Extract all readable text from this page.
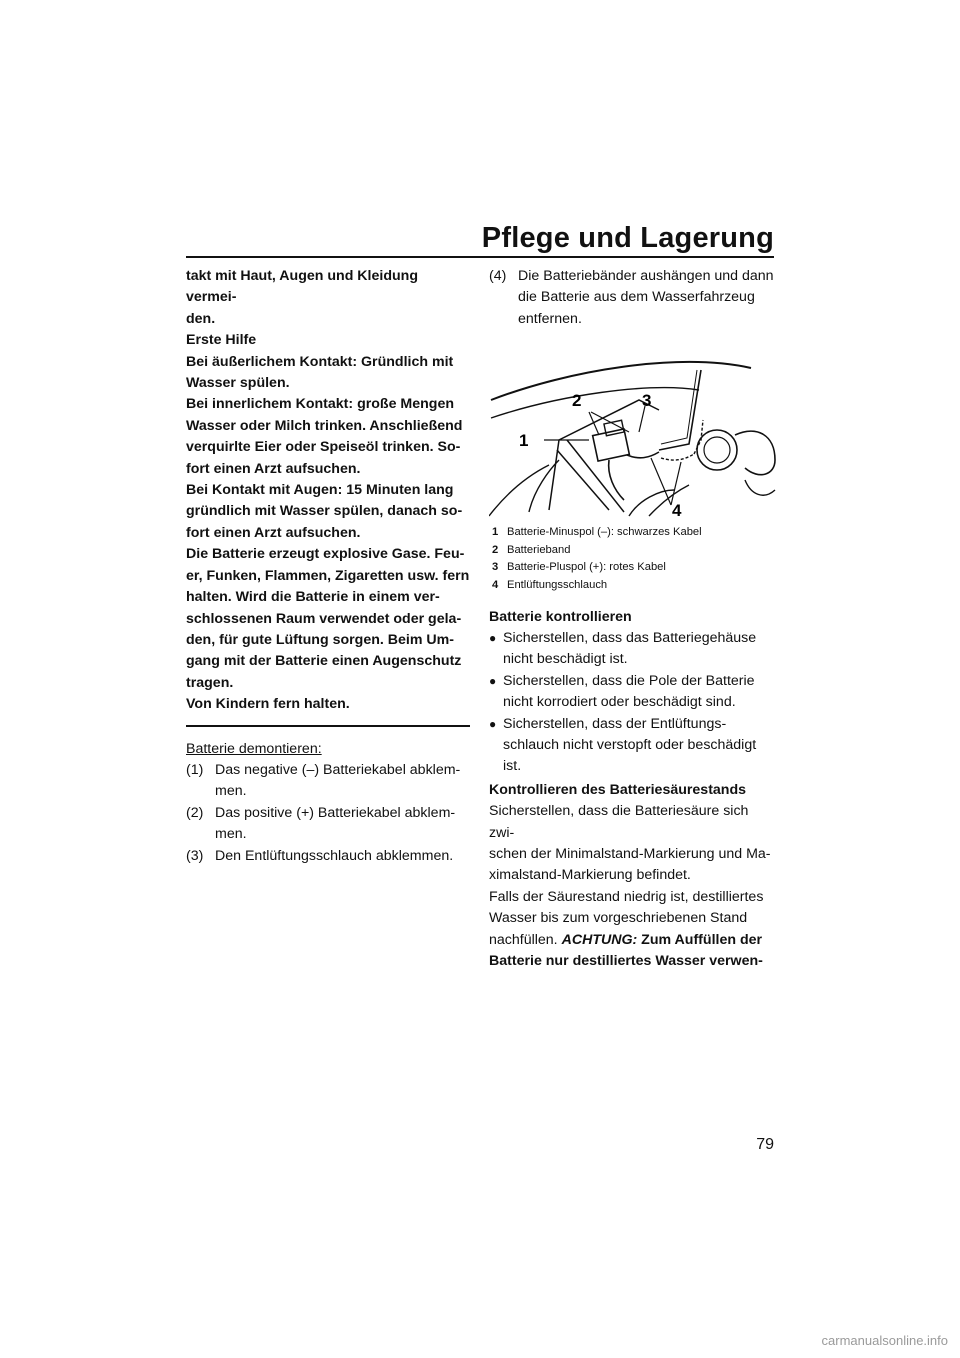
Pflege und Lagerung

takt mit Haut, Augen und Kleidung vermei-

den.

Erste Hilfe

Bei äußerlichem Kontakt: Gründlich mit

Wasser spülen.

Bei innerlichem Kontakt: große Mengen

Wasser oder Milch trinken. Anschließend

verquirlte Eier oder Speiseöl trinken. So-

fort einen Arzt aufsuchen.

Bei Kontakt mit Augen: 15 Minuten lang

gründlich mit Wasser spülen, danach so-

fort einen Arzt aufsuchen.

Die Batterie erzeugt explosive Gase. Feu-

er, Funken, Flammen, Zigaretten usw. fern

halten. Wird die Batterie in einem ver-

schlossenen Raum verwendet oder gela-

den, für gute Lüftung sorgen. Beim Um-

gang mit der Batterie einen Augenschutz

tragen.

Von Kindern fern halten.

Batterie demontieren:

(1) Das negative (–) Batteriekabel abklem-
men.
(2) Das positive (+) Batteriekabel abklem-
men.
(3) Den Entlüftungsschlauch abklemmen.
(4) Die Batteriebänder aushängen und dann
die Batterie aus dem Wasserfahrzeug
entfernen.
1
2	3
4
1 Batterie-Minuspol (–): schwarzes Kabel
2 Batterieband
3 Batterie-Pluspol (+): rotes Kabel
4 Entlüftungsschlauch

Batterie kontrollieren

● Sicherstellen, dass das Batteriegehäuse
nicht beschädigt ist.
● Sicherstellen, dass die Pole der Batterie
nicht korrodiert oder beschädigt sind.
● Sicherstellen, dass der Entlüftungs-
schlauch nicht verstopft oder beschädigt
ist.

Kontrollieren des Batteriesäurestands

Sicherstellen, dass die Batteriesäure sich zwi-

schen der Minimalstand-Markierung und Ma-

ximalstand-Markierung befindet.

Falls der Säurestand niedrig ist, destilliertes

Wasser bis zum vorgeschriebenen Stand

nachfüllen. ACHTUNG: Zum Auffüllen der

Batterie nur destilliertes Wasser verwen-

79
carmanualsonline.info
